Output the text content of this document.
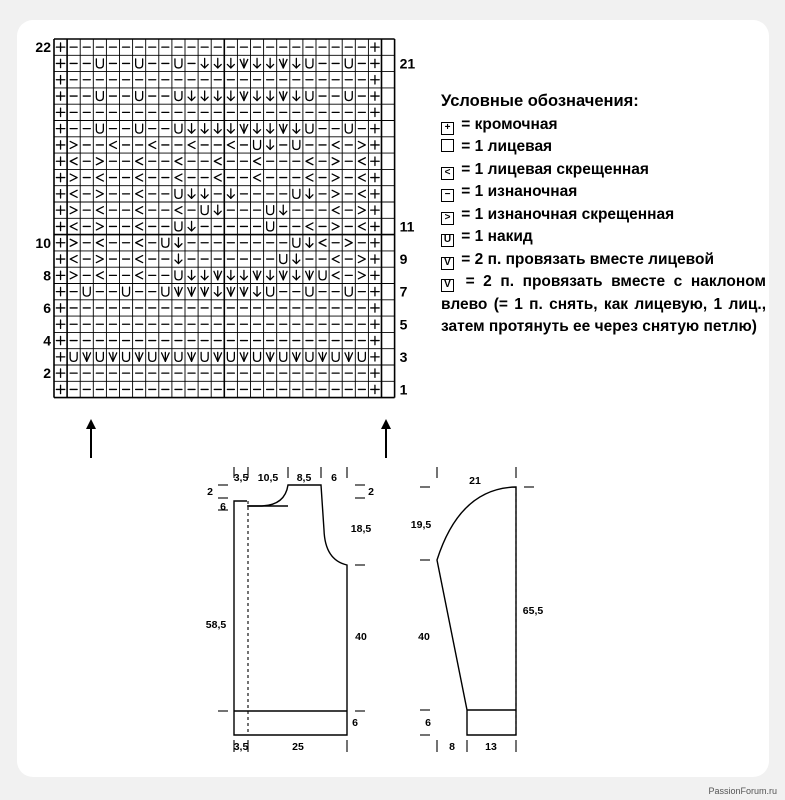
22
10
8
6
4
2
21
11
9
7
5
3
1
3,5 10,5 8,5 6
2
6
58,5
2
18,5
40
6
3,5	25
21
19,5
40
6
65,5
8	13
Условные обозначения:
+ = кромочная
= 1 лицевая
< = 1 лицевая скрещенная
− = 1 изнаночная
> = 1 изнаночная скрещенная
U = 1 накид
V = 2 п. провязать вместе лицевой
V = 2 п. провязать вместе с наклоном влево (= 1 п. снять, как лицевую, 1 лиц., затем протянуть ее через снятую петлю)
PassionForum.ru
